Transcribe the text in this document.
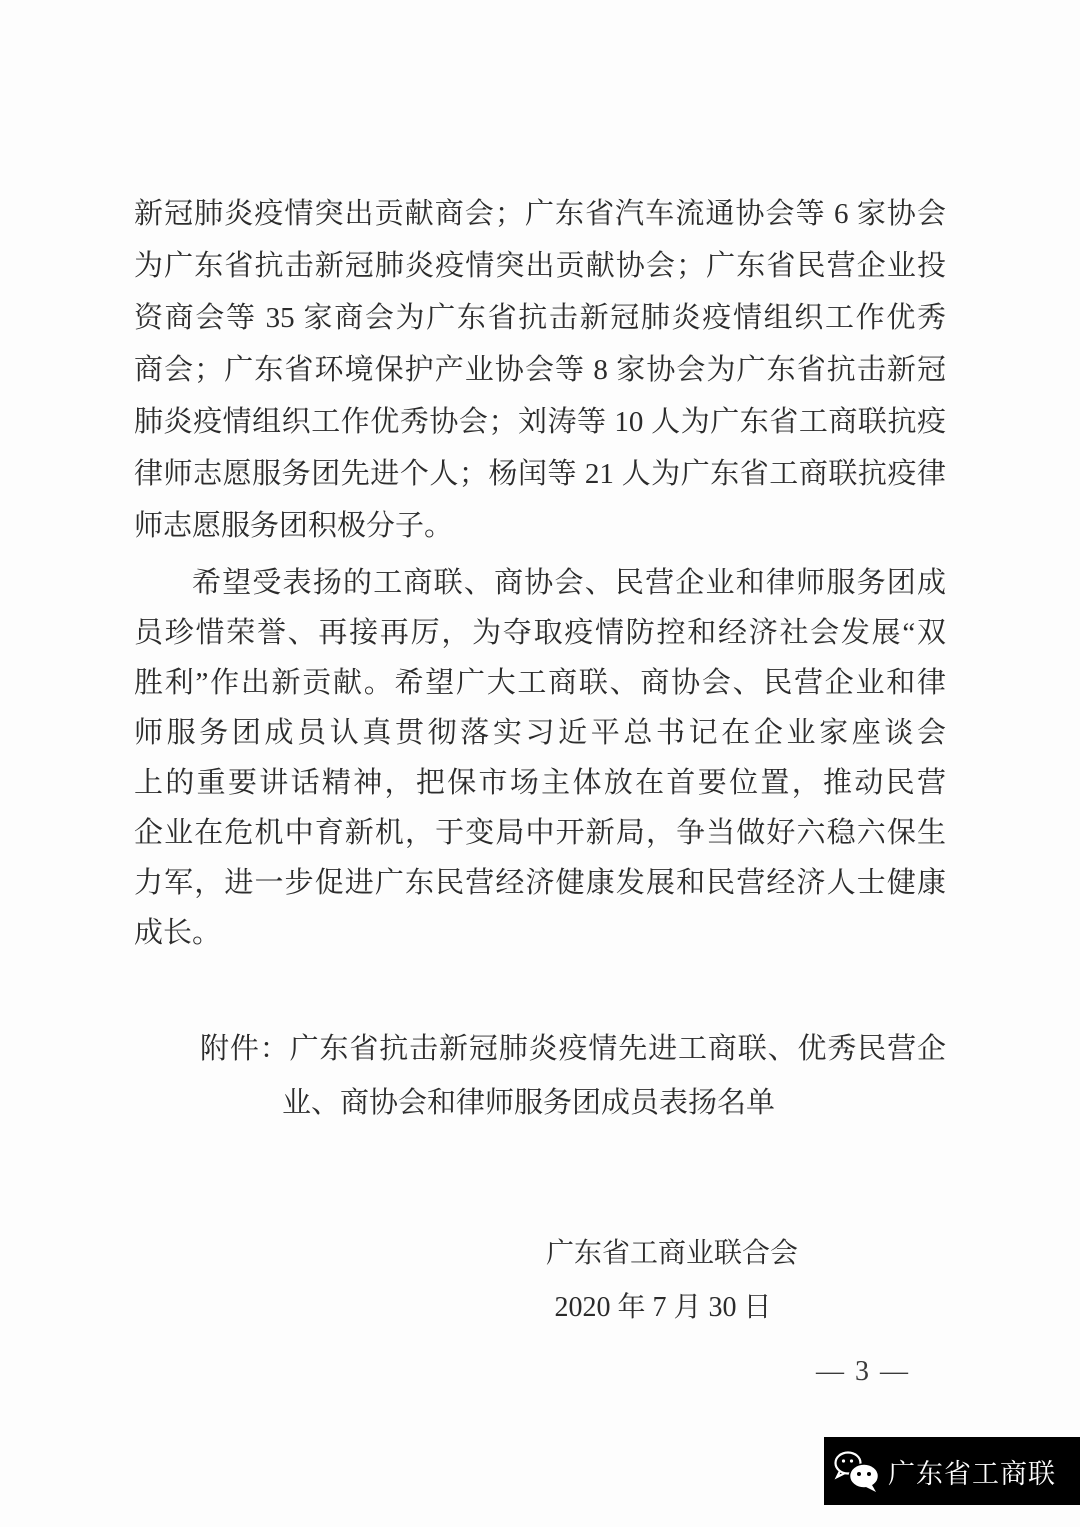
新冠肺炎疫情突出贡献商会；广东省汽车流通协会等 6 家协会
为广东省抗击新冠肺炎疫情突出贡献协会；广东省民营企业投
资商会等 35 家商会为广东省抗击新冠肺炎疫情组织工作优秀
商会；广东省环境保护产业协会等 8 家协会为广东省抗击新冠
肺炎疫情组织工作优秀协会；刘涛等 10 人为广东省工商联抗疫
律师志愿服务团先进个人；杨闰等 21 人为广东省工商联抗疫律
师志愿服务团积极分子。
希望受表扬的工商联、商协会、民营企业和律师服务团成
员珍惜荣誉、再接再厉，为夺取疫情防控和经济社会发展“双
胜利”作出新贡献。希望广大工商联、商协会、民营企业和律
师服务团成员认真贯彻落实习近平总书记在企业家座谈会
上的重要讲话精神，把保市场主体放在首要位置，推动民营
企业在危机中育新机，于变局中开新局，争当做好六稳六保生
力军，进一步促进广东民营经济健康发展和民营经济人士健康
成长。
附件：广东省抗击新冠肺炎疫情先进工商联、优秀民营企
业、商协会和律师服务团成员表扬名单
广东省工商业联合会
2020 年 7 月 30 日
— 3 —
广东省工商联
